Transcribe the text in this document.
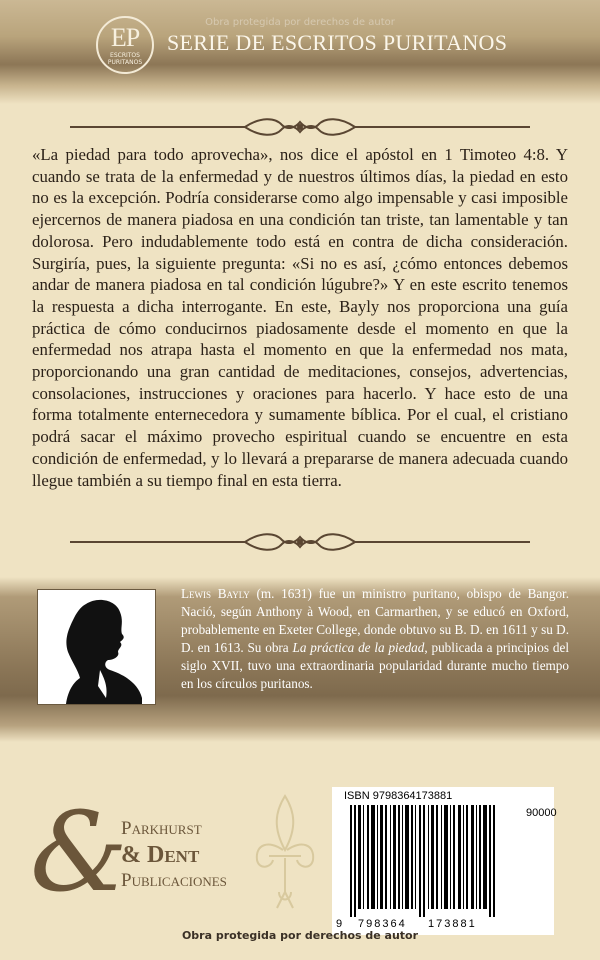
Obra protegida por derechos de autor
EP
ESCRITOS
PURITANOS
SERIE DE ESCRITOS PURITANOS
«La piedad para todo aprovecha», nos dice el apóstol en 1 Timoteo 4:8. Y cuando se trata de la enfermedad y de nuestros últimos días, la piedad en esto no es la excepción. Podría considerarse como algo impensable y casi imposible ejercernos de manera piadosa en una condición tan triste, tan lamentable y tan dolorosa. Pero indudablemente todo está en contra de dicha consideración. Surgiría, pues, la siguiente pregunta: «Si no es así, ¿cómo entonces debemos andar de manera piadosa en tal condición lúgubre?» Y en este escrito tenemos la respuesta a dicha interrogante. En este, Bayly nos proporciona una guía práctica de cómo conducirnos piadosamente desde el momento en que la enfermedad nos atrapa hasta el momento en que la enfermedad nos mata, proporcionando una gran cantidad de meditaciones, consejos, advertencias, consolaciones, instrucciones y oraciones para hacerlo. Y hace esto de una forma totalmente enternecedora y sumamente bíblica. Por el cual, el cristiano podrá sacar el máximo provecho espiritual cuando se encuentre en esta condición de enfermedad, y lo llevará a prepararse de manera adecuada cuando llegue también a su tiempo final en esta tierra.
Lewis Bayly (m. 1631) fue un ministro puritano, obispo de Bangor. Nació, según Anthony à Wood, en Carmarthen, y se educó en Oxford, probablemente en Exeter College, donde obtuvo su B. D. en 1611 y su D. D. en 1613. Su obra La práctica de la piedad, publicada a principios del siglo XVII, tuvo una extraordinaria popularidad durante mucho tiempo en los círculos puritanos.
&
Parkhurst
& Dent
Publicaciones
ISBN 9798364173881
90000
9 798364 173881
Obra protegida por derechos de autor
